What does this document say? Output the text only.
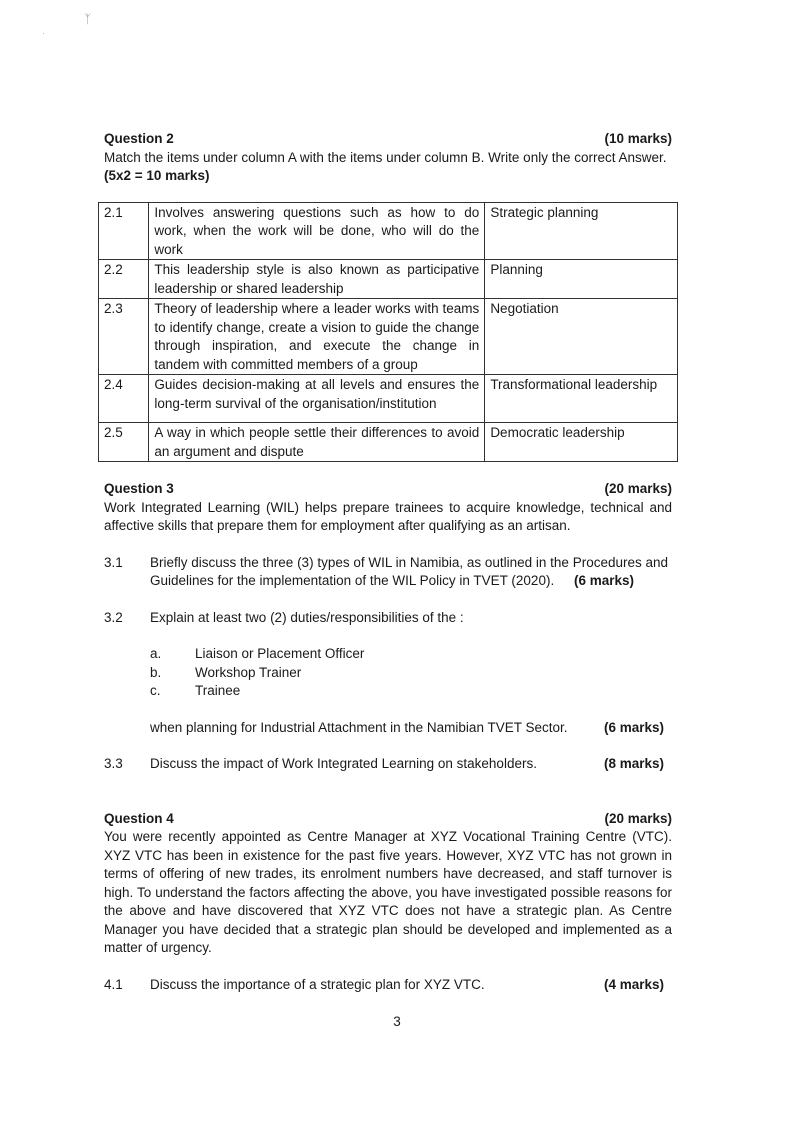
ᛉ
·
Question 2	(10 marks)

Match the items under column A with the items under column B. Write only the correct Answer. (5x2 = 10 marks)

2.1	Involves answering questions such as how to do work, when the work will be done, who will do the work	Strategic planning
2.2	This leadership style is also known as participative leadership or shared leadership	Planning
2.3	Theory of leadership where a leader works with teams to identify change, create a vision to guide the change through inspiration, and execute the change in tandem with committed members of a group	Negotiation
2.4	Guides decision-making at all levels and ensures the long-term survival of the organisation/institution	Transformational leadership
2.5	A way in which people settle their differences to avoid an argument and dispute	Democratic leadership
Question 3	(20 marks)

Work Integrated Learning (WIL) helps prepare trainees to acquire knowledge, technical and affective skills that prepare them for employment after qualifying as an artisan.

3.1	Briefly discuss the three (3) types of WIL in Namibia, as outlined in the Procedures and Guidelines for the implementation of the WIL Policy in TVET (2020). (6 marks)
3.2	Explain at least two (2) duties/responsibilities of the :
a.	Liaison or Placement Officer
b.	Workshop Trainer
c.	Trainee
when planning for Industrial Attachment in the Namibian TVET Sector.	(6 marks)
3.3	Discuss the impact of Work Integrated Learning on stakeholders.	(8 marks)
Question 4	(20 marks)

You were recently appointed as Centre Manager at XYZ Vocational Training Centre (VTC). XYZ VTC has been in existence for the past five years. However, XYZ VTC has not grown in terms of offering of new trades, its enrolment numbers have decreased, and staff turnover is high. To understand the factors affecting the above, you have investigated possible reasons for the above and have discovered that XYZ VTC does not have a strategic plan. As Centre Manager you have decided that a strategic plan should be developed and implemented as a matter of urgency.

4.1	Discuss the importance of a strategic plan for XYZ VTC.	(4 marks)
3
